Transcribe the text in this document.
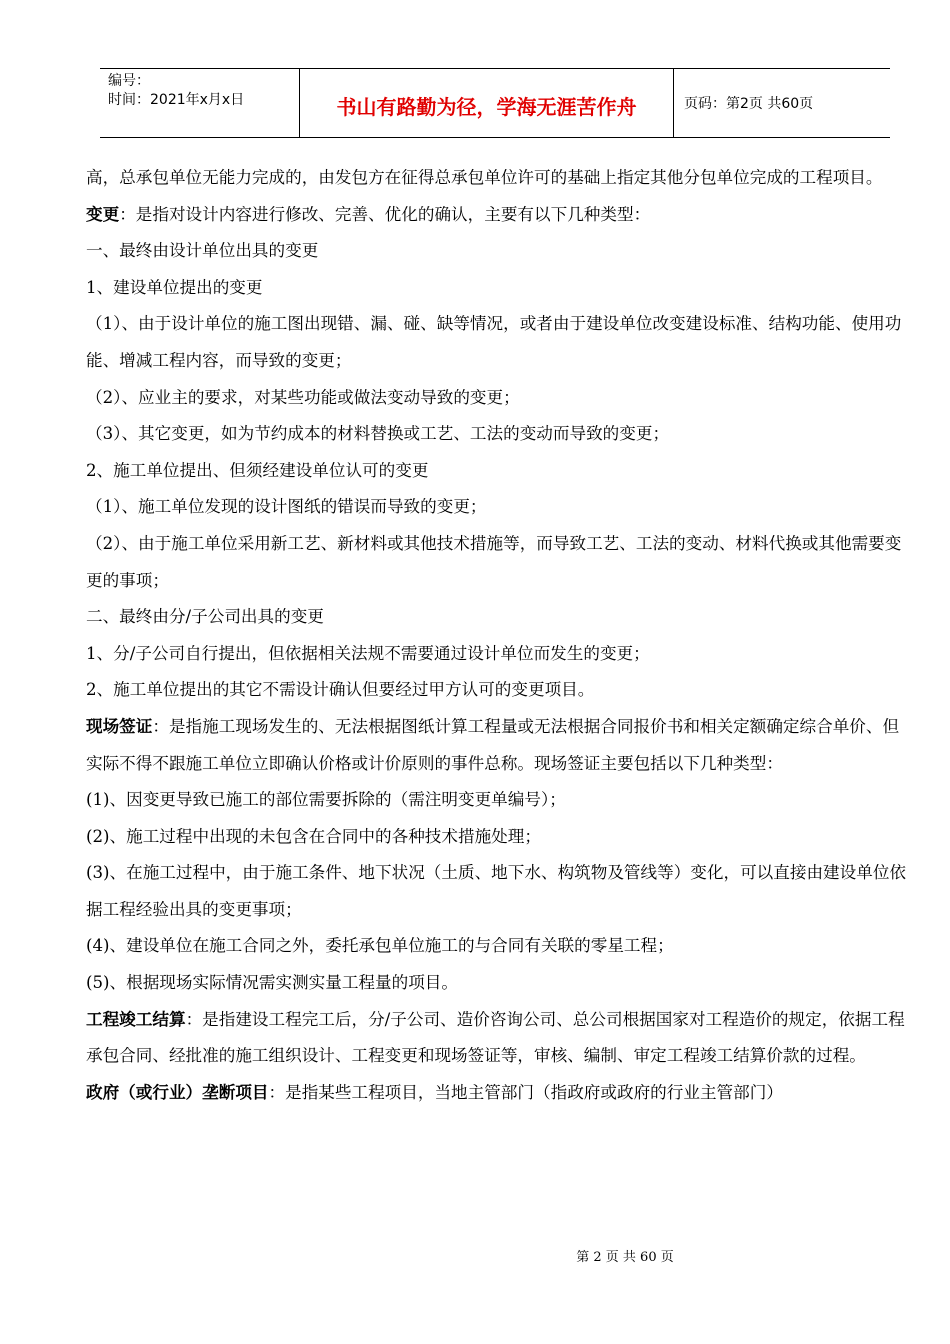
编号：
时间：2021年x月x日	书山有路勤为径，学海无涯苦作舟	页码：第2页 共60页

高，总承包单位无能力完成的，由发包方在征得总承包单位许可的基础上指定其他分包单位完成的工程项目。

变更：是指对设计内容进行修改、完善、优化的确认，主要有以下几种类型：

一、最终由设计单位出具的变更

1、建设单位提出的变更

（1）、由于设计单位的施工图出现错、漏、碰、缺等情况，或者由于建设单位改变建设标准、结构功能、使用功能、增减工程内容，而导致的变更；

（2）、应业主的要求，对某些功能或做法变动导致的变更；

（3）、其它变更，如为节约成本的材料替换或工艺、工法的变动而导致的变更；

2、施工单位提出、但须经建设单位认可的变更

（1）、施工单位发现的设计图纸的错误而导致的变更；

（2）、由于施工单位采用新工艺、新材料或其他技术措施等，而导致工艺、工法的变动、材料代换或其他需要变更的事项；

二、最终由分/子公司出具的变更

1、分/子公司自行提出，但依据相关法规不需要通过设计单位而发生的变更；

2、施工单位提出的其它不需设计确认但要经过甲方认可的变更项目。

现场签证：是指施工现场发生的、无法根据图纸计算工程量或无法根据合同报价书和相关定额确定综合单价、但实际不得不跟施工单位立即确认价格或计价原则的事件总称。现场签证主要包括以下几种类型：

(1)、因变更导致已施工的部位需要拆除的（需注明变更单编号）；

(2)、施工过程中出现的未包含在合同中的各种技术措施处理；

(3)、在施工过程中，由于施工条件、地下状况（土质、地下水、构筑物及管线等）变化，可以直接由建设单位依据工程经验出具的变更事项；

(4)、建设单位在施工合同之外，委托承包单位施工的与合同有关联的零星工程；

(5)、根据现场实际情况需实测实量工程量的项目。

工程竣工结算：是指建设工程完工后，分/子公司、造价咨询公司、总公司根据国家对工程造价的规定，依据工程承包合同、经批准的施工组织设计、工程变更和现场签证等，审核、编制、审定工程竣工结算价款的过程。

政府（或行业）垄断项目：是指某些工程项目，当地主管部门（指政府或政府的行业主管部门）

第 2 页 共 60 页
